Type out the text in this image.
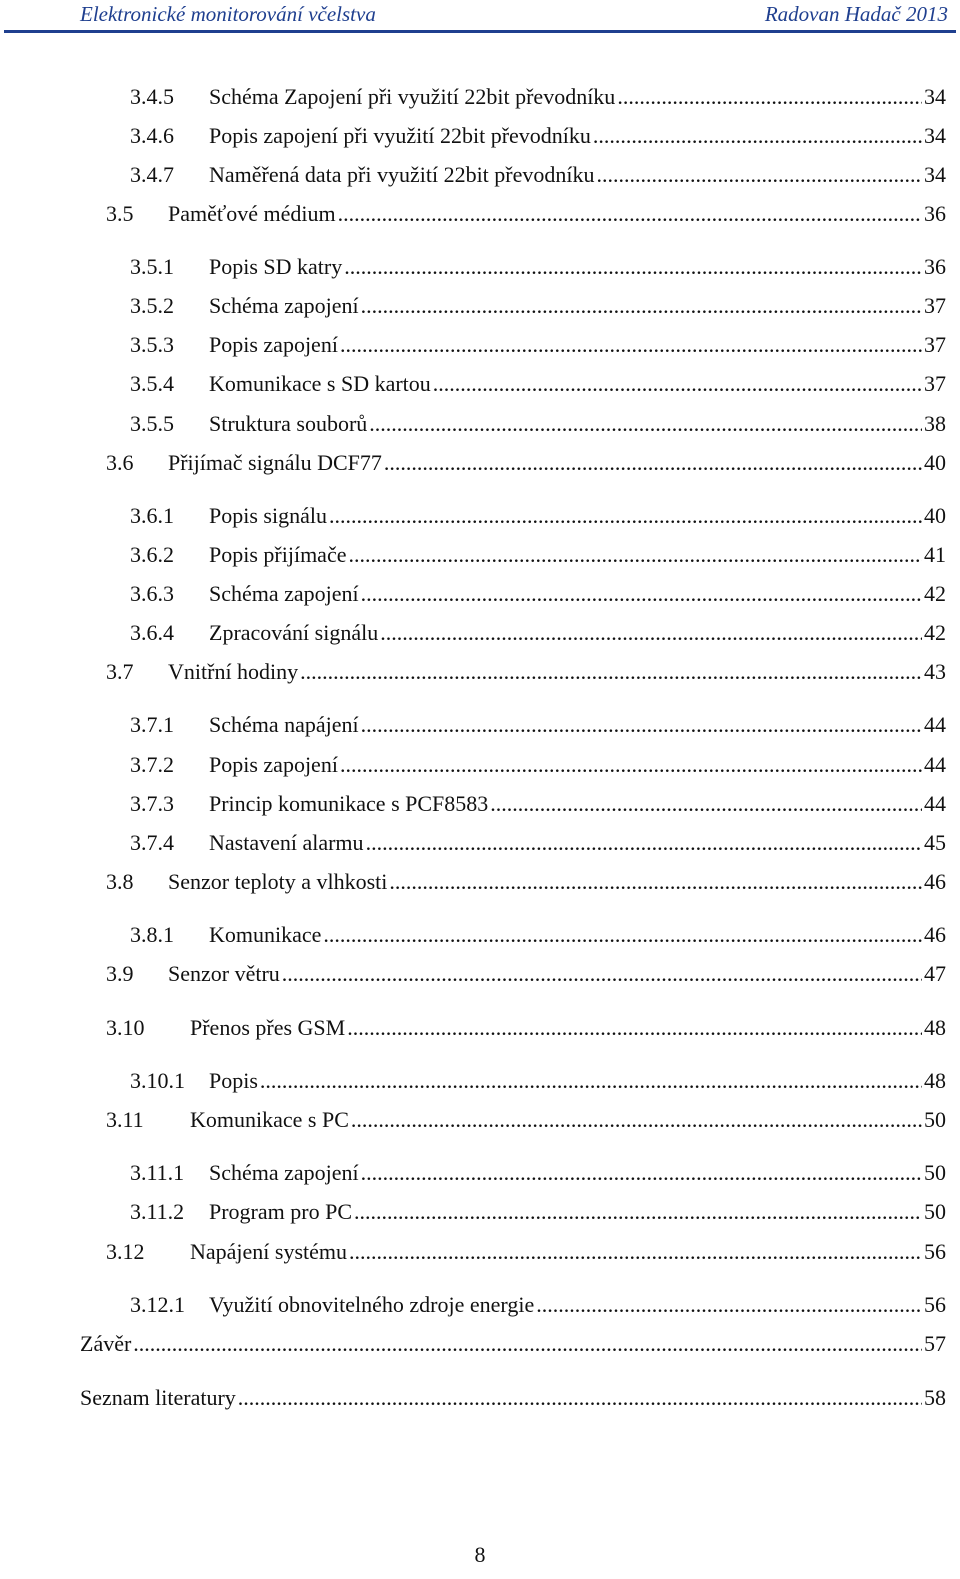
Elektronické monitorování včelstva	Radovan Hadač 2013
3.4.5	Schéma Zapojení při využití 22bit převodníku .....	34
3.4.6	Popis zapojení při využití 22bit převodníku .....	34
3.4.7	Naměřená data při využití 22bit převodníku .....	34
3.5	Paměťové médium .....	36
3.5.1	Popis SD katry .....	36
3.5.2	Schéma zapojení .....	37
3.5.3	Popis zapojení .....	37
3.5.4	Komunikace s SD kartou .....	37
3.5.5	Struktura souborů .....	38
3.6	Přijímač signálu DCF77 .....	40
3.6.1	Popis signálu .....	40
3.6.2	Popis přijímače .....	41
3.6.3	Schéma zapojení .....	42
3.6.4	Zpracování signálu .....	42
3.7	Vnitřní hodiny .....	43
3.7.1	Schéma napájení .....	44
3.7.2	Popis zapojení .....	44
3.7.3	Princip komunikace s PCF8583 .....	44
3.7.4	Nastavení alarmu .....	45
3.8	Senzor teploty a vlhkosti .....	46
3.8.1	Komunikace .....	46
3.9	Senzor větru .....	47
3.10	Přenos přes GSM .....	48
3.10.1	Popis .....	48
3.11	Komunikace s PC .....	50
3.11.1	Schéma zapojení .....	50
3.11.2	Program pro PC .....	50
3.12	Napájení systému .....	56
3.12.1	Využití obnovitelného zdroje energie .....	56
Závěr .....	57
Seznam literatury .....	58
8
